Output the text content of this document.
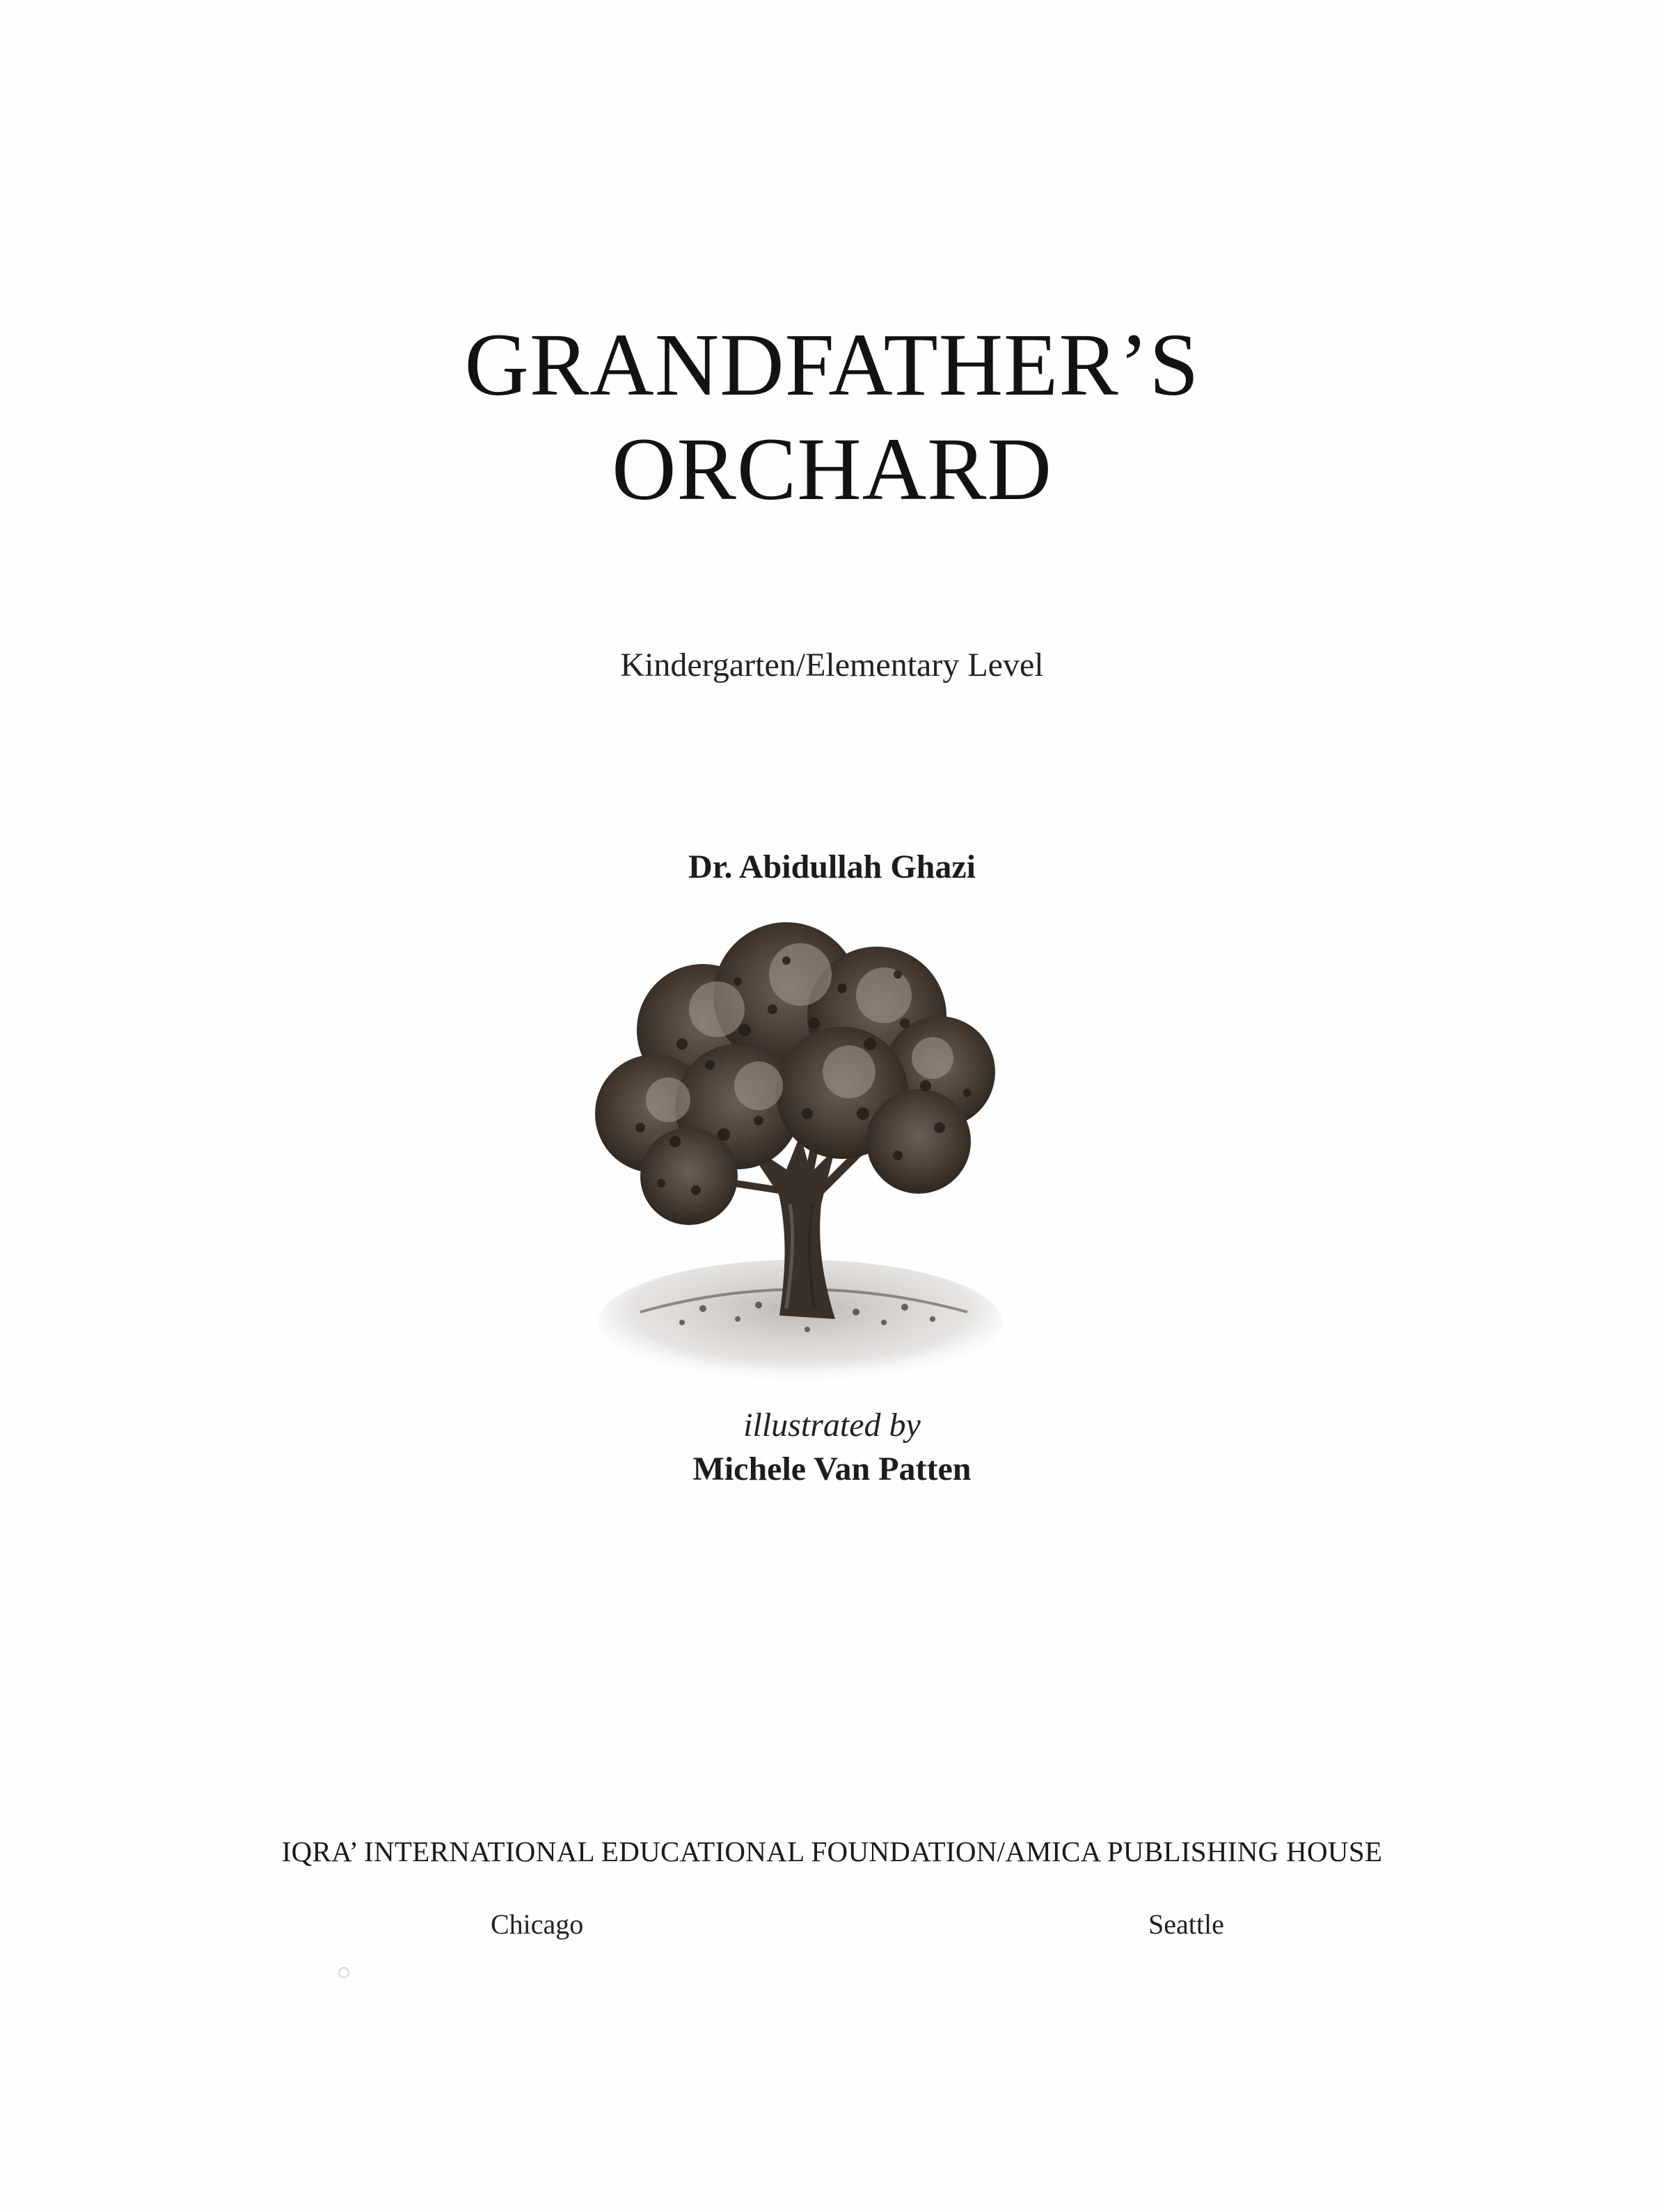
GRANDFATHER’S
ORCHARD
Kindergarten/Elementary Level
Dr. Abidullah Ghazi
illustrated by
Michele Van Patten
IQRA’ INTERNATIONAL EDUCATIONAL FOUNDATION/AMICA PUBLISHING HOUSE
Chicago	Seattle
